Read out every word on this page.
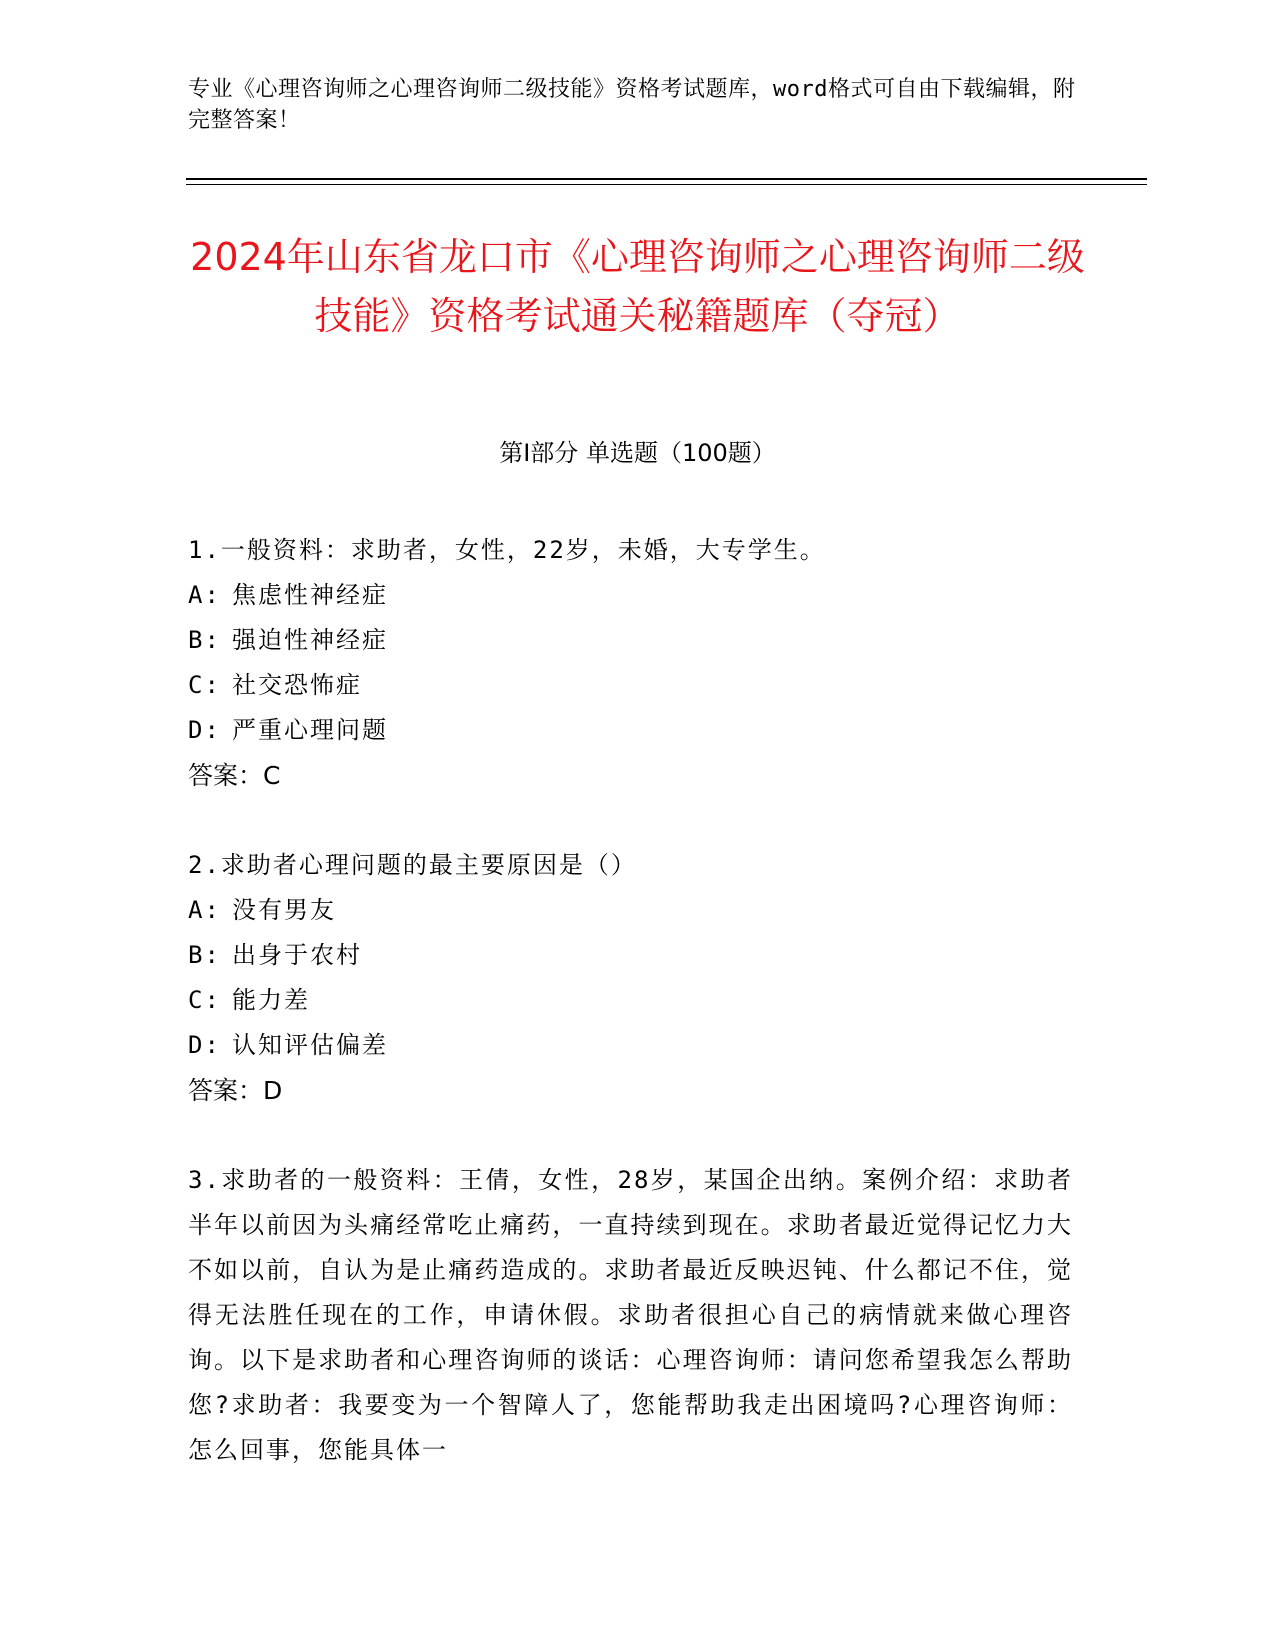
专业《心理咨询师之心理咨询师二级技能》资格考试题库，word格式可自由下载编辑，附完整答案！
2024年山东省龙口市《心理咨询师之心理咨询师二级技能》资格考试通关秘籍题库（夺冠）
第Ⅰ部分 单选题（100题）

1.一般资料：求助者，女性，22岁，未婚，大专学生。

A: 焦虑性神经症

B: 强迫性神经症

C: 社交恐怖症

D: 严重心理问题

答案：C

2.求助者心理问题的最主要原因是（）

A: 没有男友

B: 出身于农村

C: 能力差

D: 认知评估偏差

答案：D

3.求助者的一般资料：王倩，女性，28岁，某国企出纳。案例介绍：求助者半年以前因为头痛经常吃止痛药，一直持续到现在。求助者最近觉得记忆力大不如以前，自认为是止痛药造成的。求助者最近反映迟钝、什么都记不住，觉得无法胜任现在的工作，申请休假。求助者很担心自己的病情就来做心理咨询。以下是求助者和心理咨询师的谈话：心理咨询师：请问您希望我怎么帮助您?求助者：我要变为一个智障人了，您能帮助我走出困境吗?心理咨询师：怎么回事，您能具体一
